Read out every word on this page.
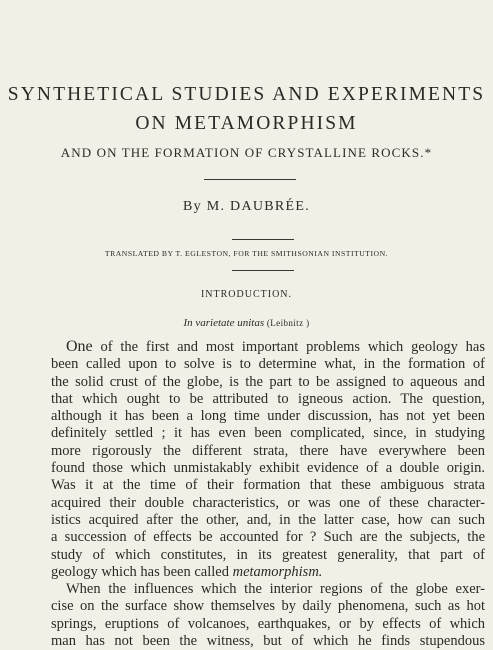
SYNTHETICAL STUDIES AND EXPERIMENTS
ON METAMORPHISM
AND ON THE FORMATION OF CRYSTALLINE ROCKS.*
By M. DAUBRÉE.
TRANSLATED BY T. EGLESTON, FOR THE SMITHSONIAN INSTITUTION.
INTRODUCTION.
In varietate unitas (Leibnitz )
One of the first and most important problems which geology has
been called upon to solve is to determine what, in the formation of
the solid crust of the globe, is the part to be assigned to aqueous and
that which ought to be attributed to igneous action. The question,
although it has been a long time under discussion, has not yet been
definitely settled ; it has even been complicated, since, in studying
more rigorously the different strata, there have everywhere been
found those which unmistakably exhibit evidence of a double origin.
Was it at the time of their formation that these ambiguous strata
acquired their double characteristics, or was one of these character-
istics acquired after the other, and, in the latter case, how can such
a succession of effects be accounted for ? Such are the subjects, the
study of which constitutes, in its greatest generality, that part of
geology which has been called metamorphism.
When the influences which the interior regions of the globe exer-
cise on the surface show themselves by daily phenomena, such as hot
springs, eruptions of volcanoes, earthquakes, or by effects of which
man has not been the witness, but of which he finds stupendous
